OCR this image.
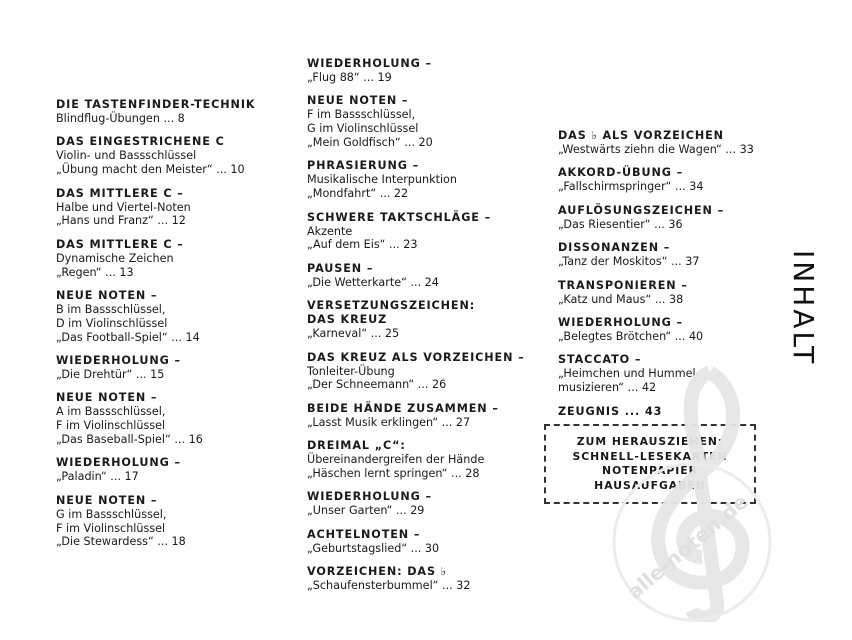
DIE TASTENFINDER-TECHNIK
Blindflug-Übungen ... 8
DAS EINGESTRICHENE C
Violin- und Bassschlüssel
„Übung macht den Meister“ ... 10
DAS MITTLERE C –
Halbe und Viertel-Noten
„Hans und Franz“ ... 12
DAS MITTLERE C –
Dynamische Zeichen
„Regen“ ... 13
NEUE NOTEN –
B im Bassschlüssel,
D im Violinschlüssel
„Das Football-Spiel“ ... 14
WIEDERHOLUNG –
„Die Drehtür“ ... 15
NEUE NOTEN –
A im Bassschlüssel,
F im Violinschlüssel
„Das Baseball-Spiel“ ... 16
WIEDERHOLUNG –
„Paladin“ ... 17
NEUE NOTEN –
G im Bassschlüssel,
F im Violinschlüssel
„Die Stewardess“ ... 18
WIEDERHOLUNG –
„Flug 88“ ... 19
NEUE NOTEN –
F im Bassschlüssel,
G im Violinschlüssel
„Mein Goldfisch“ ... 20
PHRASIERUNG –
Musikalische Interpunktion
„Mondfahrt“ ... 22
SCHWERE TAKTSCHLÄGE –
Akzente
„Auf dem Eis“ ... 23
PAUSEN –
„Die Wetterkarte“ ... 24
VERSETZUNGSZEICHEN:
DAS KREUZ
„Karneval“ ... 25
DAS KREUZ ALS VORZEICHEN –
Tonleiter-Übung
„Der Schneemann“ ... 26
BEIDE HÄNDE ZUSAMMEN –
„Lasst Musik erklingen“ ... 27
DREIMAL „C“:
Übereinandergreifen der Hände
„Häschen lernt springen“ ... 28
WIEDERHOLUNG –
„Unser Garten“ ... 29
ACHTELNOTEN –
„Geburtstagslied“ ... 30
VORZEICHEN: DAS ♭
„Schaufensterbummel“ ... 32
DAS ♭ ALS VORZEICHEN
„Westwärts ziehn die Wagen“ ... 33
AKKORD-ÜBUNG –
„Fallschirmspringer“ ... 34
AUFLÖSUNGSZEICHEN –
„Das Riesentier“ ... 36
DISSONANZEN –
„Tanz der Moskitos“ ... 37
TRANSPONIEREN –
„Katz und Maus“ ... 38
WIEDERHOLUNG –
„Belegtes Brötchen“ ... 40
STACCATO –
„Heimchen und Hummel
musizieren“ ... 42
ZEUGNIS ... 43
ZUM HERAUSZIEHEN:
SCHNELL-LESEKARTEN
NOTENPAPIER
HAUSAUFGABEN
INHALT
alle-noten.de
